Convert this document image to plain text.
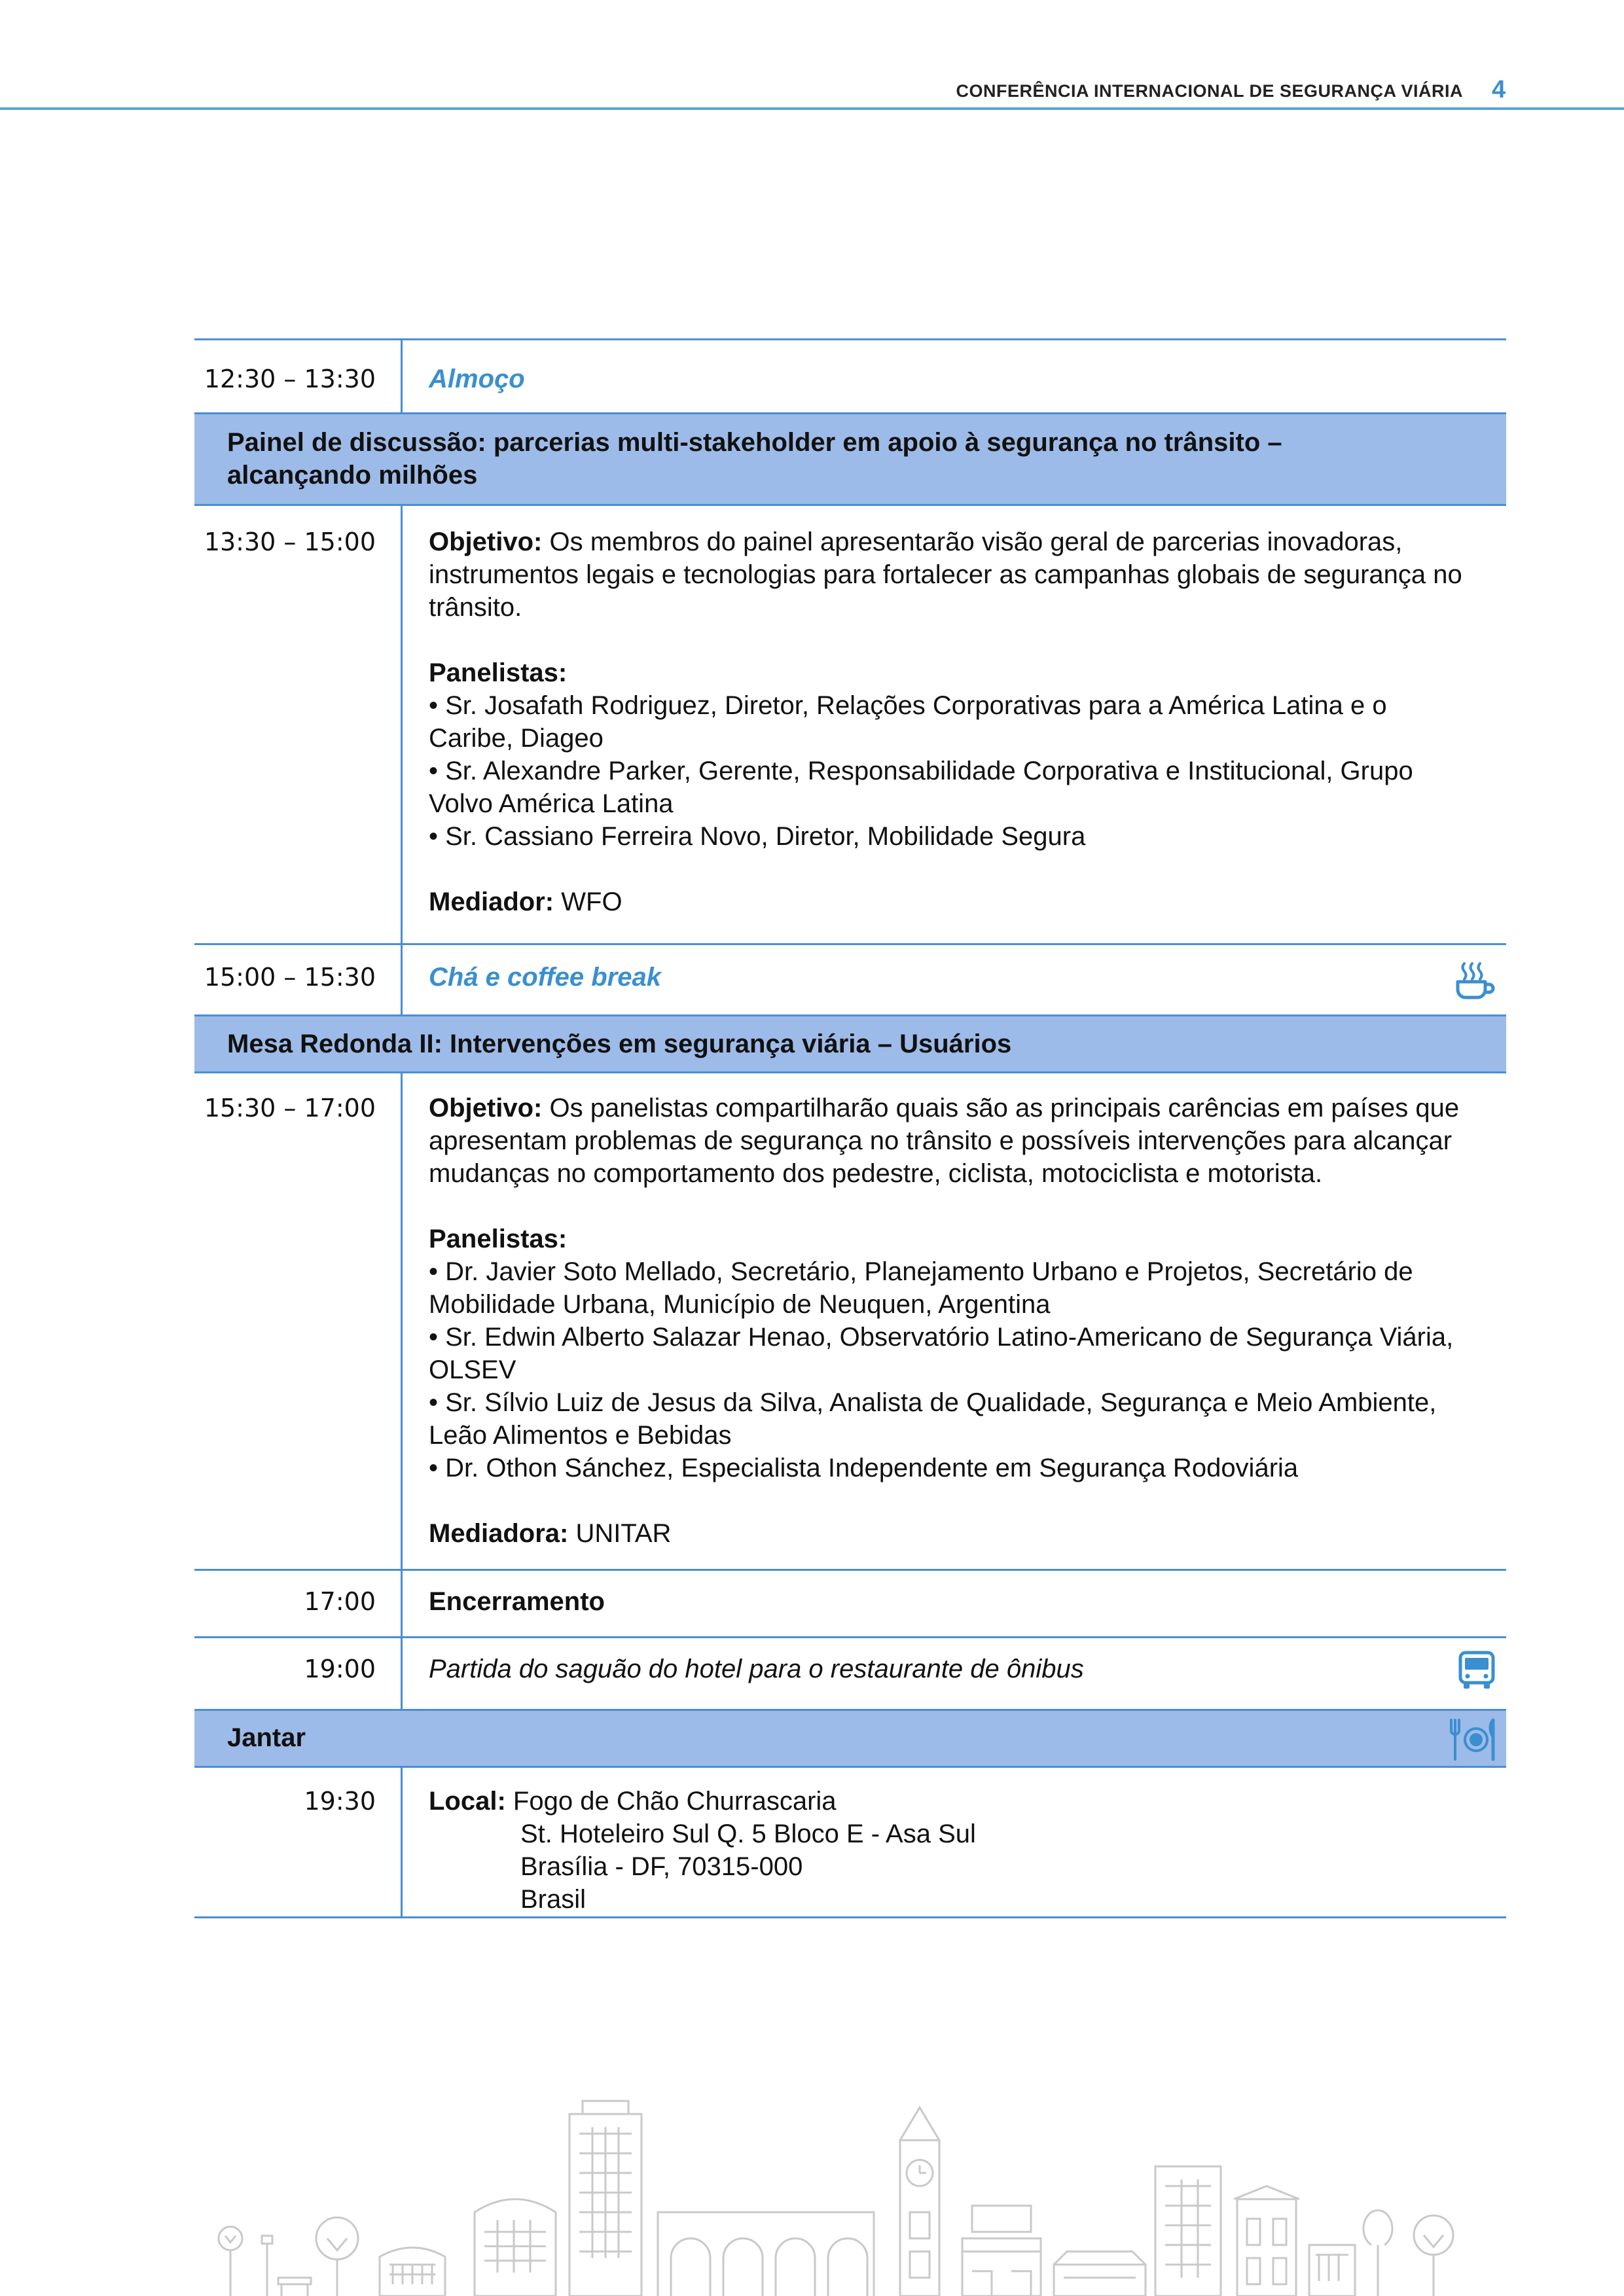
CONFERÊNCIA INTERNACIONAL DE SEGURANÇA VIÁRIA 4
12:30 – 13:30	Almoço
Painel de discussão: parcerias multi-stakeholder em apoio à segurança no trânsito –
alcançando milhões
13:30 – 15:00	Objetivo: Os membros do painel apresentarão visão geral de parcerias inovadoras,

instrumentos legais e tecnologias para fortalecer as campanhas globais de segurança no

trânsito.

Panelistas:

• Sr. Josafath Rodriguez, Diretor, Relações Corporativas para a América Latina e o

Caribe, Diageo

• Sr. Alexandre Parker, Gerente, Responsabilidade Corporativa e Institucional, Grupo

Volvo América Latina

• Sr. Cassiano Ferreira Novo, Diretor, Mobilidade Segura

Mediador: WFO

15:00 – 15:30	Chá e coffee break
Mesa Redonda II: Intervenções em segurança viária – Usuários
15:30 – 17:00	Objetivo: Os panelistas compartilharão quais são as principais carências em países que

apresentam problemas de segurança no trânsito e possíveis intervenções para alcançar

mudanças no comportamento dos pedestre, ciclista, motociclista e motorista.

Panelistas:

• Dr. Javier Soto Mellado, Secretário, Planejamento Urbano e Projetos, Secretário de

Mobilidade Urbana, Município de Neuquen, Argentina

• Sr. Edwin Alberto Salazar Henao, Observatório Latino-Americano de Segurança Viária,

OLSEV

• Sr. Sílvio Luiz de Jesus da Silva, Analista de Qualidade, Segurança e Meio Ambiente,

Leão Alimentos e Bebidas

• Dr. Othon Sánchez, Especialista Independente em Segurança Rodoviária

Mediadora: UNITAR

17:00	Encerramento
19:00	Partida do saguão do hotel para o restaurante de ônibus
Jantar
19:30	Local: Fogo de Chão Churrascaria

St. Hoteleiro Sul Q. 5 Bloco E - Asa Sul

Brasília - DF, 70315-000

Brasil
